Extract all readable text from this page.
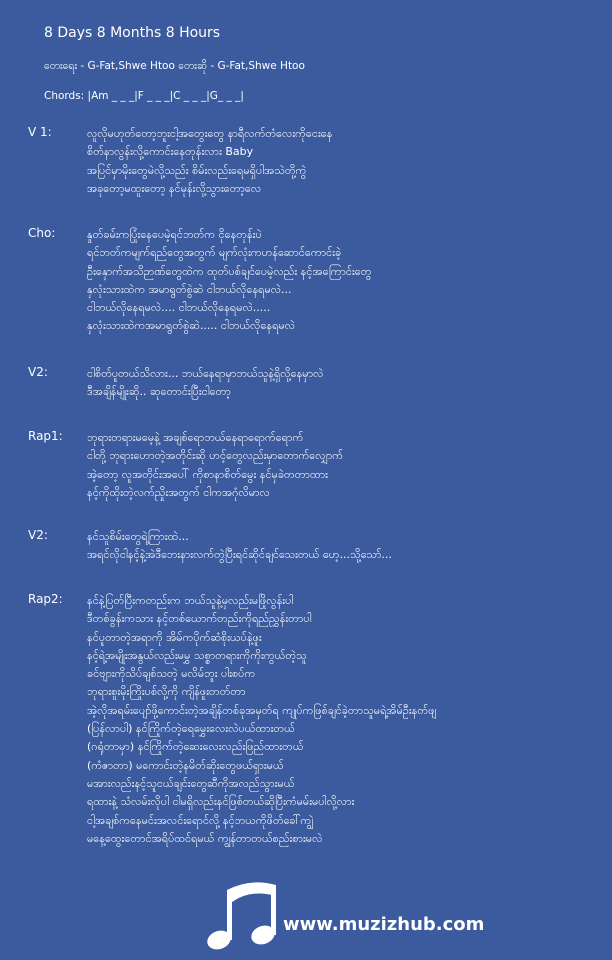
8 Days 8 Months 8 Hours
တေးရေး - G-Fat,Shwe Htoo တေးဆို - G-Fat,Shwe Htoo
Chords: |Am _ _ _|F _ _ _|C _ _ _|G_ _ _|
V 1:	လူလိုမဟုတ်တော့ဘူးငါ့အတွေးတွေ နာရီလက်တံလေးကိုငေးနေ
စိတ်နာလွန်းလို့ကောင်းနေတုန်းလား Baby
အပြင်မှာမိုးတွေမဲလို့သည်း စိမ်းလည်းရေမရှိပါအသဲတို့ကွဲ
အခုတော့မထူးတော့ နင်မုန်းလို့သွားတော့လေ
Cho:	နှုတ်ခမ်းကပြုံးနေပေမဲ့ရင်ဘတ်က ငိုနေတုန်းပဲ
ရင်ဘတ်ကမျက်ရည်တွေအတွက် မျက်လုံးကဟန်ဆောင်ကောင်းခဲ့
ဦးနှောက်အသိဉာဏ်တွေထဲက ထုတ်ပစ်ချင်ပေမဲ့လည်း နင့်အကြောင်းတွေ
နှလုံးသားထဲက အမာရွတ်စွဲဆဲ ငါဘယ်လိုနေရမလဲ...
ငါဘယ်လိုနေရမလဲ.... ငါဘယ်လိုနေရမလဲ.....
နှလုံးသားထဲကအမာရွတ်စွဲဆဲ..... ငါဘယ်လိုနေရမလဲ
V2:	ငါစိတ်ပူတယ်သိလား... ဘယ်နေရာမှာဘယ်သူနဲ့ရှိလို့နေမှာလဲ
ဒီအချိန်မျိုးဆို.. ဆုတောင်းပြီးငါတော့
Rap1: ဘုရားတရားမမေ့နဲ့ အချစ်ရောဘယ်နေရာရောက်ရောက်
ငါတို့ ဘုရားဟောတဲ့အတိုင်းဆို ဟင့်တွေလည်းမှာတောက်လျှောက်
အဲ့တော့ လူအတိုင်းအပေါ် ကိုစာနာစိတ်မွေး နင်မှခဲတတာထား
နင့်ကိုထိုးတဲ့လက်ညှိုးအတွက် ငါကအဂုံလိမာလ
V2:	နင်သူစိမ်းတွေရဲ့ကြားထဲ...
အရင်လိုငါနင့်နဲ့အဲဒီဘေးနားလက်တွဲပြီးရင်ဆိုင်ချင်သေးတယ် ဟေ့...သို့သော်...
Rap2: နင်နဲ့ပြတ်ပြီးကတည်းက ဘယ်သူနဲ့မှလည်းမဖြိုလွန်းပါ
ဒီတစ်ခွန်းကသား နင့်တစ်ယောက်တည်းကိုရည်ညွှန်းတာပါ
နင်ပူတာတဲ့အရာကို အိမ်ကပိုက်ဆံစိုးယပ်နဲ့ဖူး
နင့်ရဲ့အမျိုးအနွယ်လည်းမမွှ သစ္စာတရားကိုကိုးကွယ်တဲ့သူ
ခင်ဗျားကိုသိပ်ချစ်သတဲ့ မလိမ်ဘူး ပါးစပ်က
ဘုရားစူးမိုးကြိုးပစ်လို့ကို ကျိန်ဖူးတတ်တာ
အဲ့လိုအရမ်းပျော်ဖို့ကောင်းတဲ့အချိန်တစ်ခုအမှတ်ရ ကျုပ်ကဖြစ်ချင်ခဲ့တာသူမရဲ့အိမ်ဦးနတ်ဖျ
(ပြန်လာပါ) နင်ကြိုက်တဲ့ရေမွှေးလေးလဲပယ်ထားတယ်
(ဂရုံတာမှာ) နင်ကြိုက်တဲ့ဆေးလေးလည်းဖြည်ထားတယ်
(ကံဇာတာ) မကောင်းတဲ့နမိတ်ဆိုးတွေဖယ်ရှားမယ်
မအားလည်းနင့်သူငယ်ချင်းတွေဆီကိုအလည်သွားမယ်
ရထားနဲ့ သံလမ်းလိုပါ ငါမရှိလည်းနင်ဖြစ်တယ်ဆိုပြီးကံမမ်းမပါလို့လား
ငါ့အချစ်ကနေမင်းအလင်းရောင်လို့ နင့်ဘယကိုဖိတ်ခေါ်ကျွဲ
မနေ့ထွေးတောင်အရိပ်ထင်ရမယ် ကျွန်တာတယ်စည်းစားမလဲ
www.muzizhub.com
